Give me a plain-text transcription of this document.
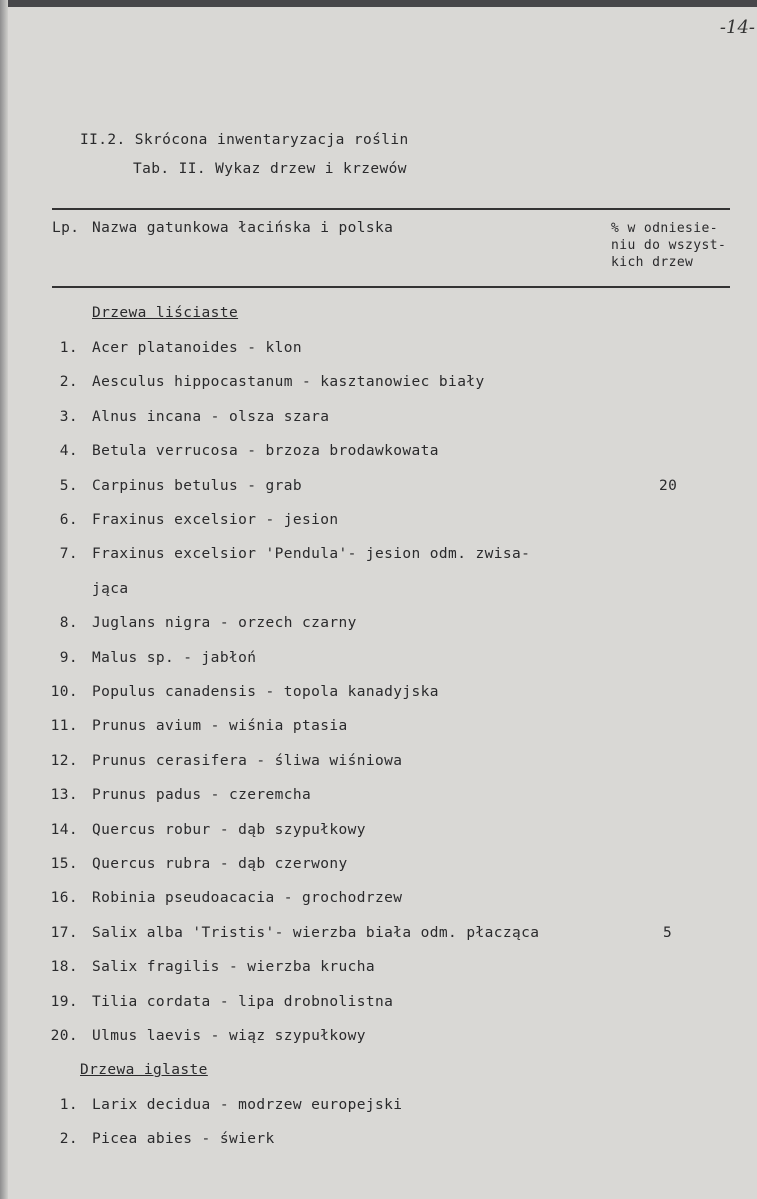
-14-
II.2. Skrócona inwentaryzacja roślin
Tab. II. Wykaz drzew i krzewów
Lp. Nazwa gatunkowa łacińska i polska	% w odniesie-
niu do wszyst-
kich drzew
Drzewa liściaste
1. Acer platanoides - klon
2. Aesculus hippocastanum - kasztanowiec biały
3. Alnus incana - olsza szara
4. Betula verrucosa - brzoza brodawkowata
5. Carpinus betulus - grab	20
6. Fraxinus excelsior - jesion
7. Fraxinus excelsior 'Pendula'- jesion odm. zwisa-
jąca
8. Juglans nigra - orzech czarny
9. Malus sp. - jabłoń
10. Populus canadensis - topola kanadyjska
11. Prunus avium - wiśnia ptasia
12. Prunus cerasifera - śliwa wiśniowa
13. Prunus padus - czeremcha
14. Quercus robur - dąb szypułkowy
15. Quercus rubra - dąb czerwony
16. Robinia pseudoacacia - grochodrzew
17. Salix alba 'Tristis'- wierzba biała odm. płacząca	5
18. Salix fragilis - wierzba krucha
19. Tilia cordata - lipa drobnolistna
20. Ulmus laevis - wiąz szypułkowy
Drzewa iglaste
1. Larix decidua - modrzew europejski
2. Picea abies - świerk
